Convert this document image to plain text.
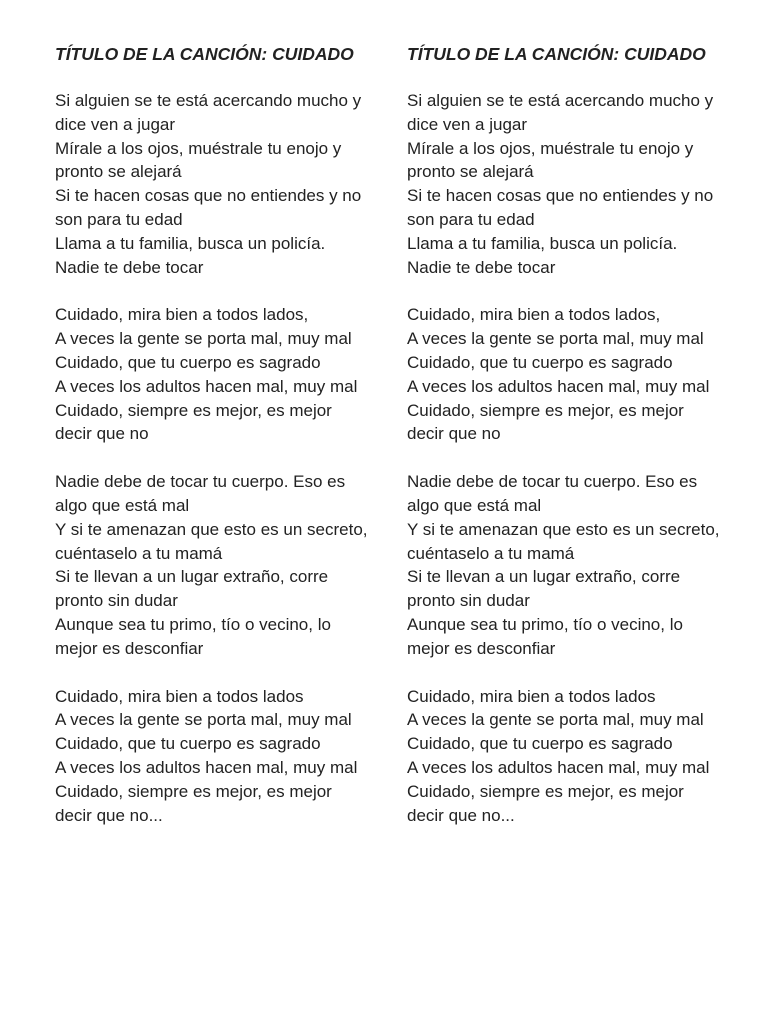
TÍTULO DE LA CANCIÓN: CUIDADO

Si alguien se te está acercando mucho y dice ven a jugar

Mírale a los ojos, muéstrale tu enojo y pronto se alejará

Si te hacen cosas que no entiendes y no son para tu edad

Llama a tu familia, busca un policía.

Nadie te debe tocar

Cuidado, mira bien a todos lados,

A veces la gente se porta mal, muy mal

Cuidado, que tu cuerpo es sagrado

A veces los adultos hacen mal, muy mal

Cuidado, siempre es mejor, es mejor decir que no

Nadie debe de tocar tu cuerpo. Eso es algo que está mal

Y si te amenazan que esto es un secreto, cuéntaselo a tu mamá

Si te llevan a un lugar extraño, corre pronto sin dudar

Aunque sea tu primo, tío o vecino, lo mejor es desconfiar

Cuidado, mira bien a todos lados

A veces la gente se porta mal, muy mal

Cuidado, que tu cuerpo es sagrado

A veces los adultos hacen mal, muy mal

Cuidado, siempre es mejor, es mejor decir que no...

TÍTULO DE LA CANCIÓN: CUIDADO

Si alguien se te está acercando mucho y dice ven a jugar

Mírale a los ojos, muéstrale tu enojo y pronto se alejará

Si te hacen cosas que no entiendes y no son para tu edad

Llama a tu familia, busca un policía.

Nadie te debe tocar

Cuidado, mira bien a todos lados,

A veces la gente se porta mal, muy mal

Cuidado, que tu cuerpo es sagrado

A veces los adultos hacen mal, muy mal

Cuidado, siempre es mejor, es mejor decir que no

Nadie debe de tocar tu cuerpo. Eso es algo que está mal

Y si te amenazan que esto es un secreto, cuéntaselo a tu mamá

Si te llevan a un lugar extraño, corre pronto sin dudar

Aunque sea tu primo, tío o vecino, lo mejor es desconfiar

Cuidado, mira bien a todos lados

A veces la gente se porta mal, muy mal

Cuidado, que tu cuerpo es sagrado

A veces los adultos hacen mal, muy mal

Cuidado, siempre es mejor, es mejor decir que no...
